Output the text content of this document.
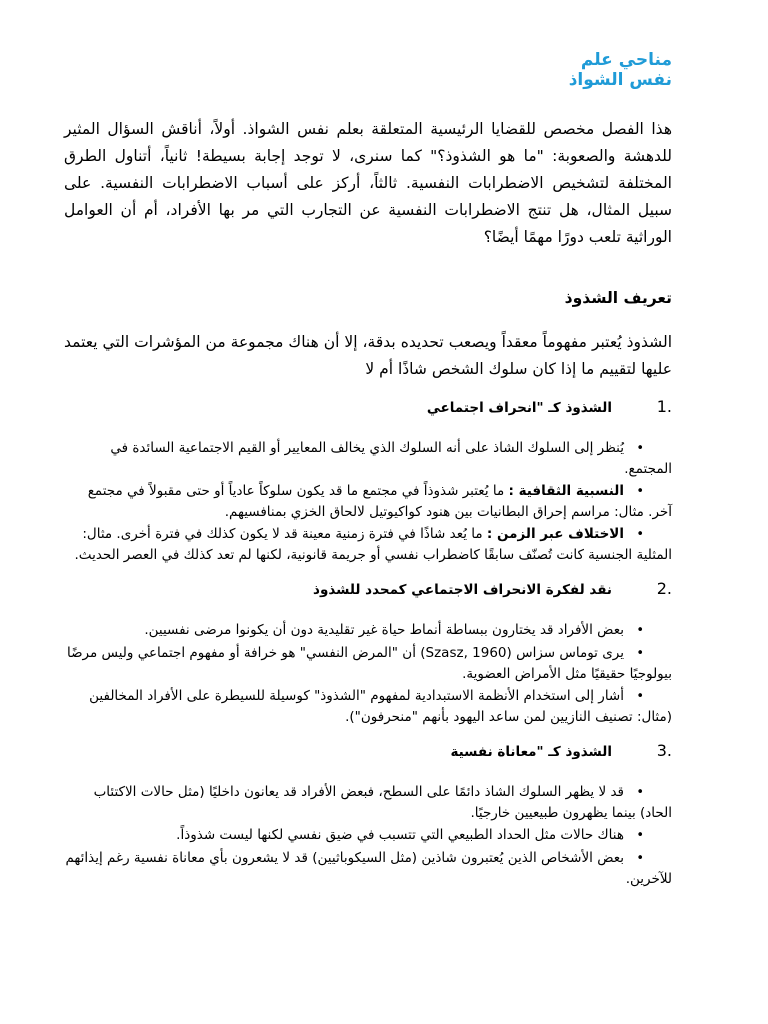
مناحي علم
نفس الشواذ

هذا الفصل مخصص للقضايا الرئيسية المتعلقة بعلم نفس الشواذ. أولاً، أناقش السؤال المثير للدهشة والصعوبة: "ما هو الشذوذ؟" كما سنرى، لا توجد إجابة بسيطة! ثانياً، أتناول الطرق المختلفة لتشخيص الاضطرابات النفسية. ثالثاً، أركز على أسباب الاضطرابات النفسية. على سبيل المثال، هل تنتج الاضطرابات النفسية عن التجارب التي مر بها الأفراد، أم أن العوامل الوراثية تلعب دورًا مهمًا أيضًا؟

تعريف الشذوذ

الشذوذ يُعتبر مفهوماً معقداً ويصعب تحديده بدقة، إلا أن هناك مجموعة من المؤشرات التي يعتمد عليها لتقييم ما إذا كان سلوك الشخص شاذًا أم لا

1.
الشذوذ كـ "انحراف اجتماعي
•يُنظر إلى السلوك الشاذ على أنه السلوك الذي يخالف المعايير أو القيم الاجتماعية السائدة في المجتمع.
•النسبية الثقافية : ما يُعتبر شذوذاً في مجتمع ما قد يكون سلوكاً عادياً أو حتى مقبولاً في مجتمع آخر. مثال: مراسم إحراق البطانيات بين هنود كواكيوتيل لالحاق الخزي بمنافسيهم.
•الاختلاف عبر الزمن : ما يُعد شاذًا في فترة زمنية معينة قد لا يكون كذلك في فترة أخرى. مثال: المثلية الجنسية كانت تُصنّف سابقًا كاضطراب نفسي أو جريمة قانونية، لكنها لم تعد كذلك في العصر الحديث.
2.
نقد لفكرة الانحراف الاجتماعي كمحدد للشذوذ
•بعض الأفراد قد يختارون ببساطة أنماط حياة غير تقليدية دون أن يكونوا مرضى نفسيين.
•يرى توماس سزاس (Szasz, 1960) أن "المرض النفسي" هو خرافة أو مفهوم اجتماعي وليس مرضًا بيولوجيًا حقيقيًا مثل الأمراض العضوية.
•أشار إلى استخدام الأنظمة الاستبدادية لمفهوم "الشذوذ" كوسيلة للسيطرة على الأفراد المخالفين (مثال: تصنيف النازيين لمن ساعد اليهود بأنهم "منحرفون").
3.
الشذوذ كـ "معاناة نفسية
•قد لا يظهر السلوك الشاذ دائمًا على السطح، فبعض الأفراد قد يعانون داخليًا (مثل حالات الاكتئاب الحاد) بينما يظهرون طبيعيين خارجيًا.
•هناك حالات مثل الحداد الطبيعي التي تتسبب في ضيق نفسي لكنها ليست شذوذاً.
•بعض الأشخاص الذين يُعتبرون شاذين (مثل السيكوباثيين) قد لا يشعرون بأي معاناة نفسية رغم إيذائهم للآخرين.
